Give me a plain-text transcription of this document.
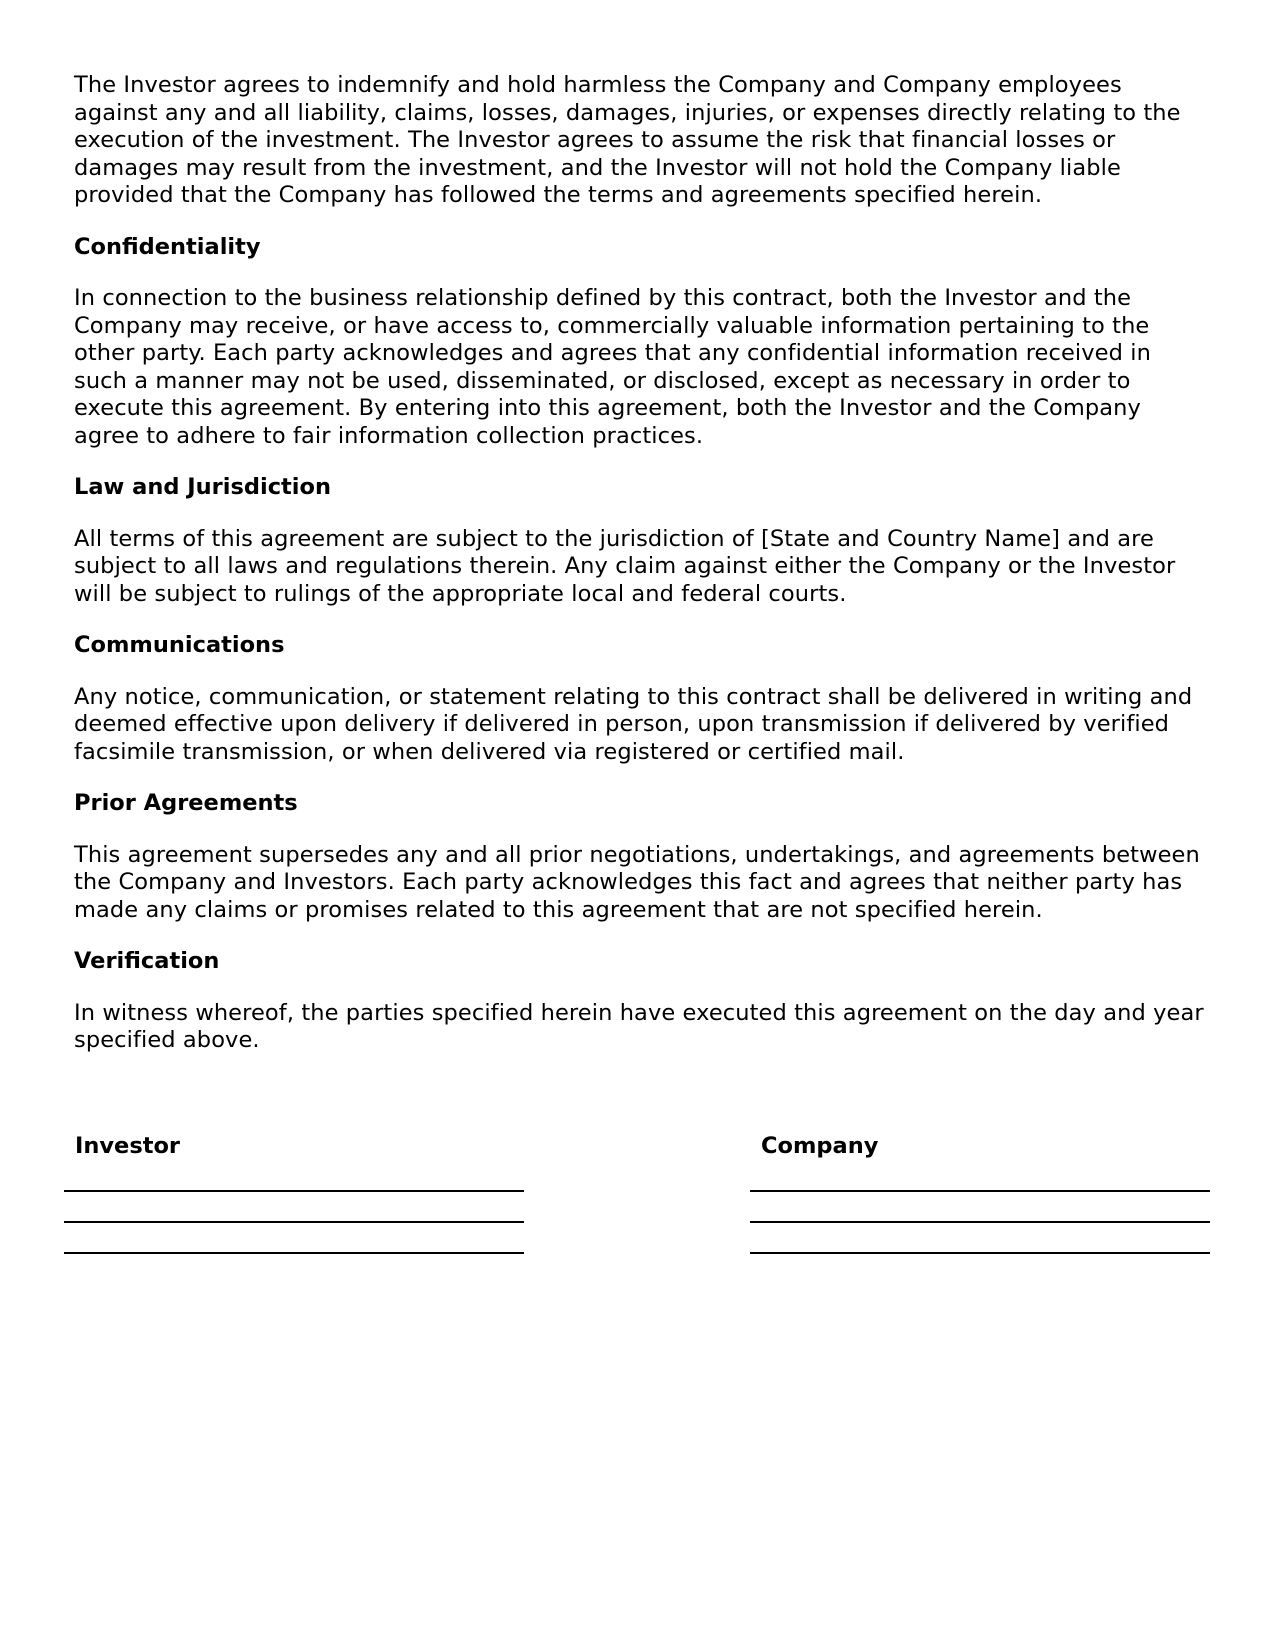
The Investor agrees to indemnify and hold harmless the Company and Company employees against any and all liability, claims, losses, damages, injuries, or expenses directly relating to the execution of the investment. The Investor agrees to assume the risk that financial losses or damages may result from the investment, and the Investor will not hold the Company liable provided that the Company has followed the terms and agreements specified herein.

Confidentiality

In connection to the business relationship defined by this contract, both the Investor and the Company may receive, or have access to, commercially valuable information pertaining to the other party. Each party acknowledges and agrees that any confidential information received in such a manner may not be used, disseminated, or disclosed, except as necessary in order to execute this agreement. By entering into this agreement, both the Investor and the Company agree to adhere to fair information collection practices.

Law and Jurisdiction

All terms of this agreement are subject to the jurisdiction of [State and Country Name] and are subject to all laws and regulations therein. Any claim against either the Company or the Investor will be subject to rulings of the appropriate local and federal courts.

Communications

Any notice, communication, or statement relating to this contract shall be delivered in writing and deemed effective upon delivery if delivered in person, upon transmission if delivered by verified facsimile transmission, or when delivered via registered or certified mail.

Prior Agreements

This agreement supersedes any and all prior negotiations, undertakings, and agreements between the Company and Investors. Each party acknowledges this fact and agrees that neither party has made any claims or promises related to this agreement that are not specified herein.

Verification

In witness whereof, the parties specified herein have executed this agreement on the day and year specified above.

Investor	Company
